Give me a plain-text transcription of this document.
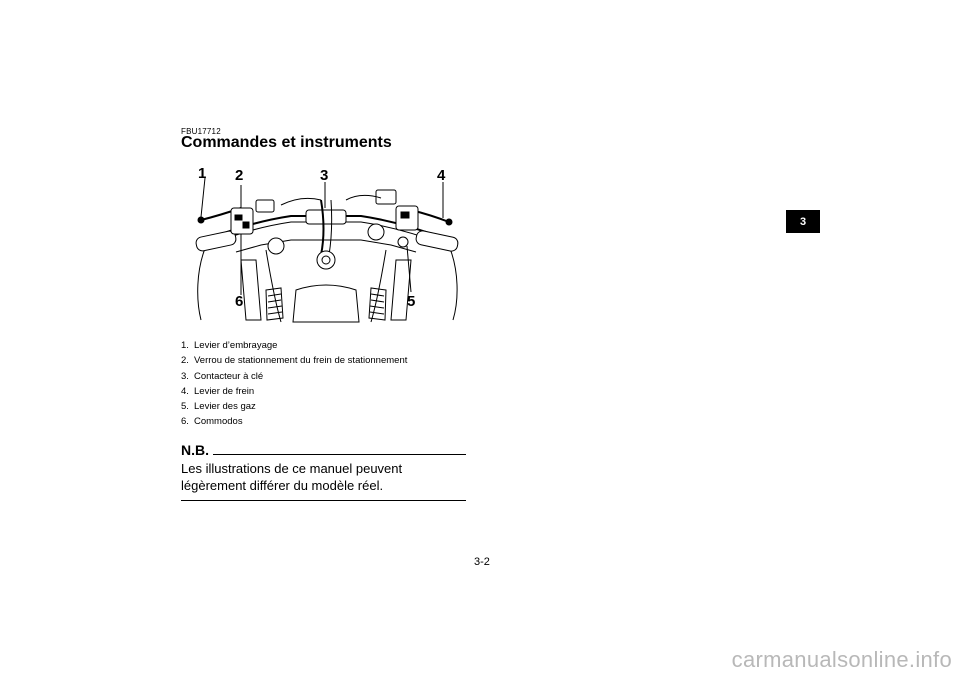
FBU17712
Commandes et instruments
1 2	3	4
5
6
1. Levier d’embrayage
2. Verrou de stationnement du frein de stationnement
3. Contacteur à clé
4. Levier de frein
5. Levier des gaz
6. Commodos
N.B.
Les illustrations de ce manuel peuvent légèrement différer du modèle réel.
3
3-2
carmanualsonline.info
